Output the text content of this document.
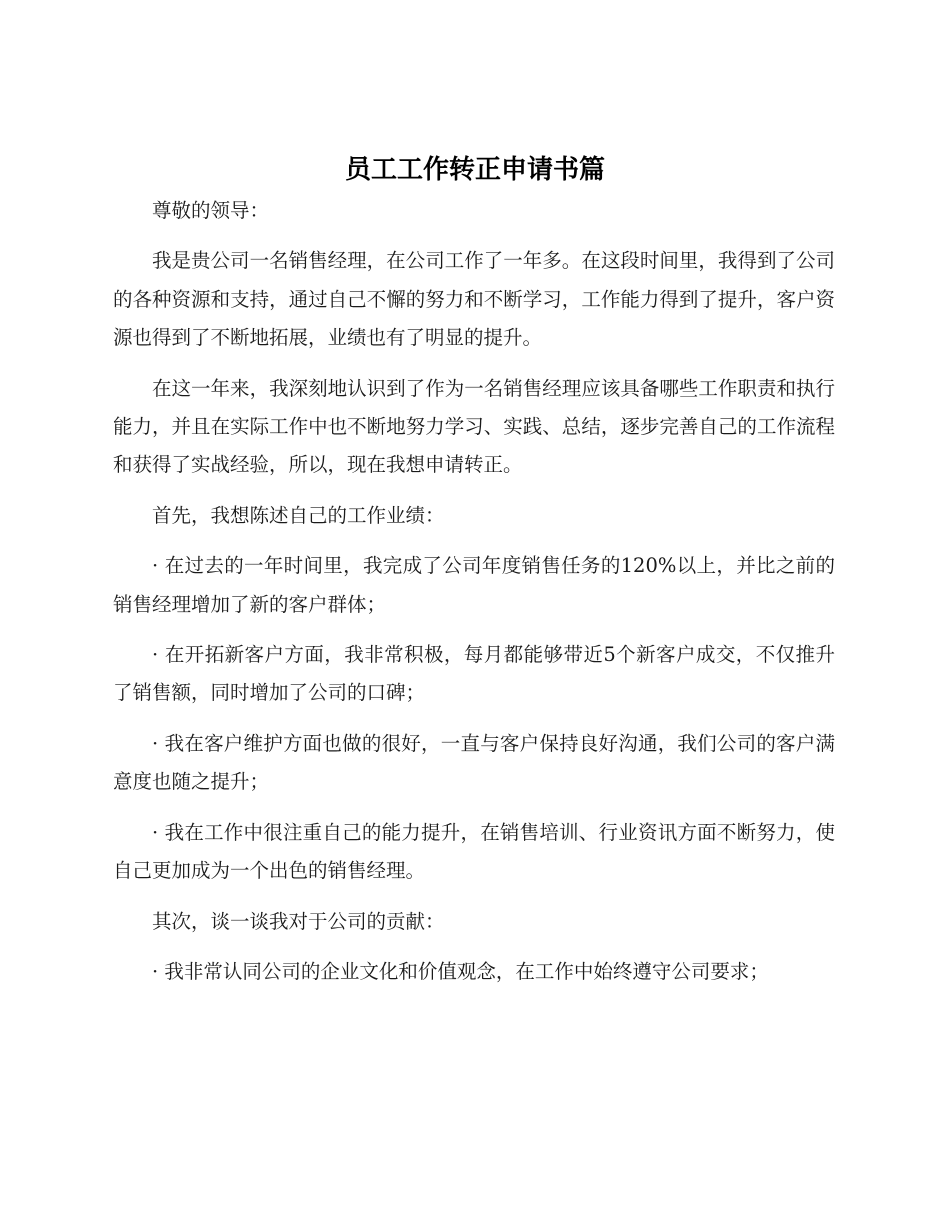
员工工作转正申请书篇

尊敬的领导：

我是贵公司一名销售经理，在公司工作了一年多。在这段时间里，我得到了公司的各种资源和支持，通过自己不懈的努力和不断学习，工作能力得到了提升，客户资源也得到了不断地拓展，业绩也有了明显的提升。

在这一年来，我深刻地认识到了作为一名销售经理应该具备哪些工作职责和执行能力，并且在实际工作中也不断地努力学习、实践、总结，逐步完善自己的工作流程和获得了实战经验，所以，现在我想申请转正。

首先，我想陈述自己的工作业绩：

· 在过去的一年时间里，我完成了公司年度销售任务的120%以上，并比之前的销售经理增加了新的客户群体；

· 在开拓新客户方面，我非常积极，每月都能够带近5个新客户成交，不仅推升了销售额，同时增加了公司的口碑；

· 我在客户维护方面也做的很好，一直与客户保持良好沟通，我们公司的客户满意度也随之提升；

· 我在工作中很注重自己的能力提升，在销售培训、行业资讯方面不断努力，使自己更加成为一个出色的销售经理。

其次，谈一谈我对于公司的贡献：

· 我非常认同公司的企业文化和价值观念，在工作中始终遵守公司要求；
